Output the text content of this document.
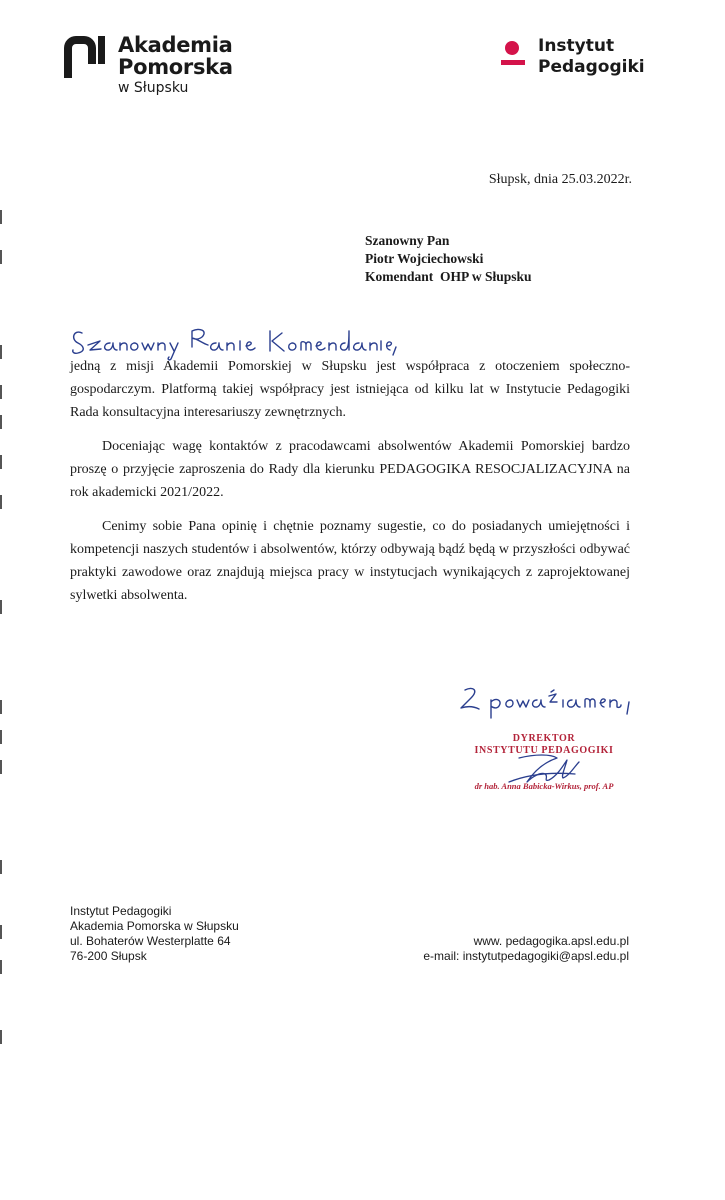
Akademia
Pomorska
w Słupsku
Instytut
Pedagogiki
Słupsk, dnia 25.03.2022r.
Szanowny Pan
Piotr Wojciechowski
Komendant  OHP w Słupsku

jedną z misji Akademii Pomorskiej w Słupsku jest współpraca z otoczeniem społeczno-gospodarczym. Platformą takiej współpracy jest istniejąca od kilku lat w Instytucie Pedagogiki Rada konsultacyjna interesariuszy zewnętrznych.

Doceniając wagę kontaktów z pracodawcami absolwentów Akademii Pomorskiej bardzo proszę o przyjęcie zaproszenia do Rady dla kierunku PEDAGOGIKA RESOCJALIZACYJNA na rok akademicki 2021/2022.

Cenimy sobie Pana opinię i chętnie poznamy sugestie, co do posiadanych umiejętności i kompetencji naszych studentów i absolwentów, którzy odbywają bądź będą w przyszłości odbywać praktyki zawodowe oraz znajdują miejsca pracy w instytucjach wynikających z zaprojektowanej sylwetki absolwenta.

DYREKTOR
INSTYTUTU PEDAGOGIKI
dr hab. Anna Babicka-Wirkus, prof. AP
Instytut Pedagogiki
Akademia Pomorska w Słupsku
ul. Bohaterów Westerplatte 64
76-200 Słupsk
www. pedagogika.apsl.edu.pl
e-mail: instytutpedagogiki@apsl.edu.pl
